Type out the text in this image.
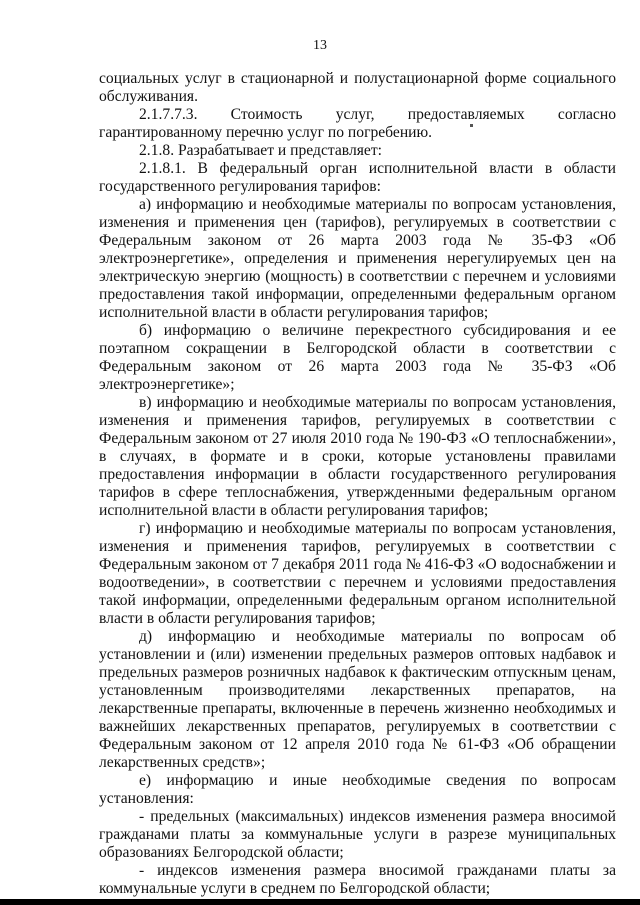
13

социальных услуг в стационарной и полустационарной форме социального обслуживания.

2.1.7.7.3. Стоимость услуг, предоставляемых согласно гарантированному перечню услуг по погребению.

2.1.8. Разрабатывает и представляет:

2.1.8.1. В федеральный орган исполнительной власти в области государственного регулирования тарифов:

а) информацию и необходимые материалы по вопросам установления, изменения и применения цен (тарифов), регулируемых в соответствии с Федеральным законом от 26 марта 2003 года № 35-ФЗ «Об электроэнергетике», определения и применения нерегулируемых цен на электрическую энергию (мощность) в соответствии с перечнем и условиями предоставления такой информации, определенными федеральным органом исполнительной власти в области регулирования тарифов;

б) информацию о величине перекрестного субсидирования и ее поэтапном сокращении в Белгородской области в соответствии с Федеральным законом от 26 марта 2003 года № 35-ФЗ «Об электроэнергетике»;

в) информацию и необходимые материалы по вопросам установления, изменения и применения тарифов, регулируемых в соответствии с Федеральным законом от 27 июля 2010 года № 190-ФЗ «О теплоснабжении», в случаях, в формате и в сроки, которые установлены правилами предоставления информации в области государственного регулирования тарифов в сфере теплоснабжения, утвержденными федеральным органом исполнительной власти в области регулирования тарифов;

г) информацию и необходимые материалы по вопросам установления, изменения и применения тарифов, регулируемых в соответствии с Федеральным законом от 7 декабря 2011 года № 416-ФЗ «О водоснабжении и водоотведении», в соответствии с перечнем и условиями предоставления такой информации, определенными федеральным органом исполнительной власти в области регулирования тарифов;

д) информацию и необходимые материалы по вопросам об установлении и (или) изменении предельных размеров оптовых надбавок и предельных размеров розничных надбавок к фактическим отпускным ценам, установленным производителями лекарственных препаратов, на лекарственные препараты, включенные в перечень жизненно необходимых и важнейших лекарственных препаратов, регулируемых в соответствии с Федеральным законом от 12 апреля 2010 года № 61-ФЗ «Об обращении лекарственных средств»;

е) информацию и иные необходимые сведения по вопросам установления:

- предельных (максимальных) индексов изменения размера вносимой гражданами платы за коммунальные услуги в разрезе муниципальных образованиях Белгородской области;

- индексов изменения размера вносимой гражданами платы за коммунальные услуги в среднем по Белгородской области;
